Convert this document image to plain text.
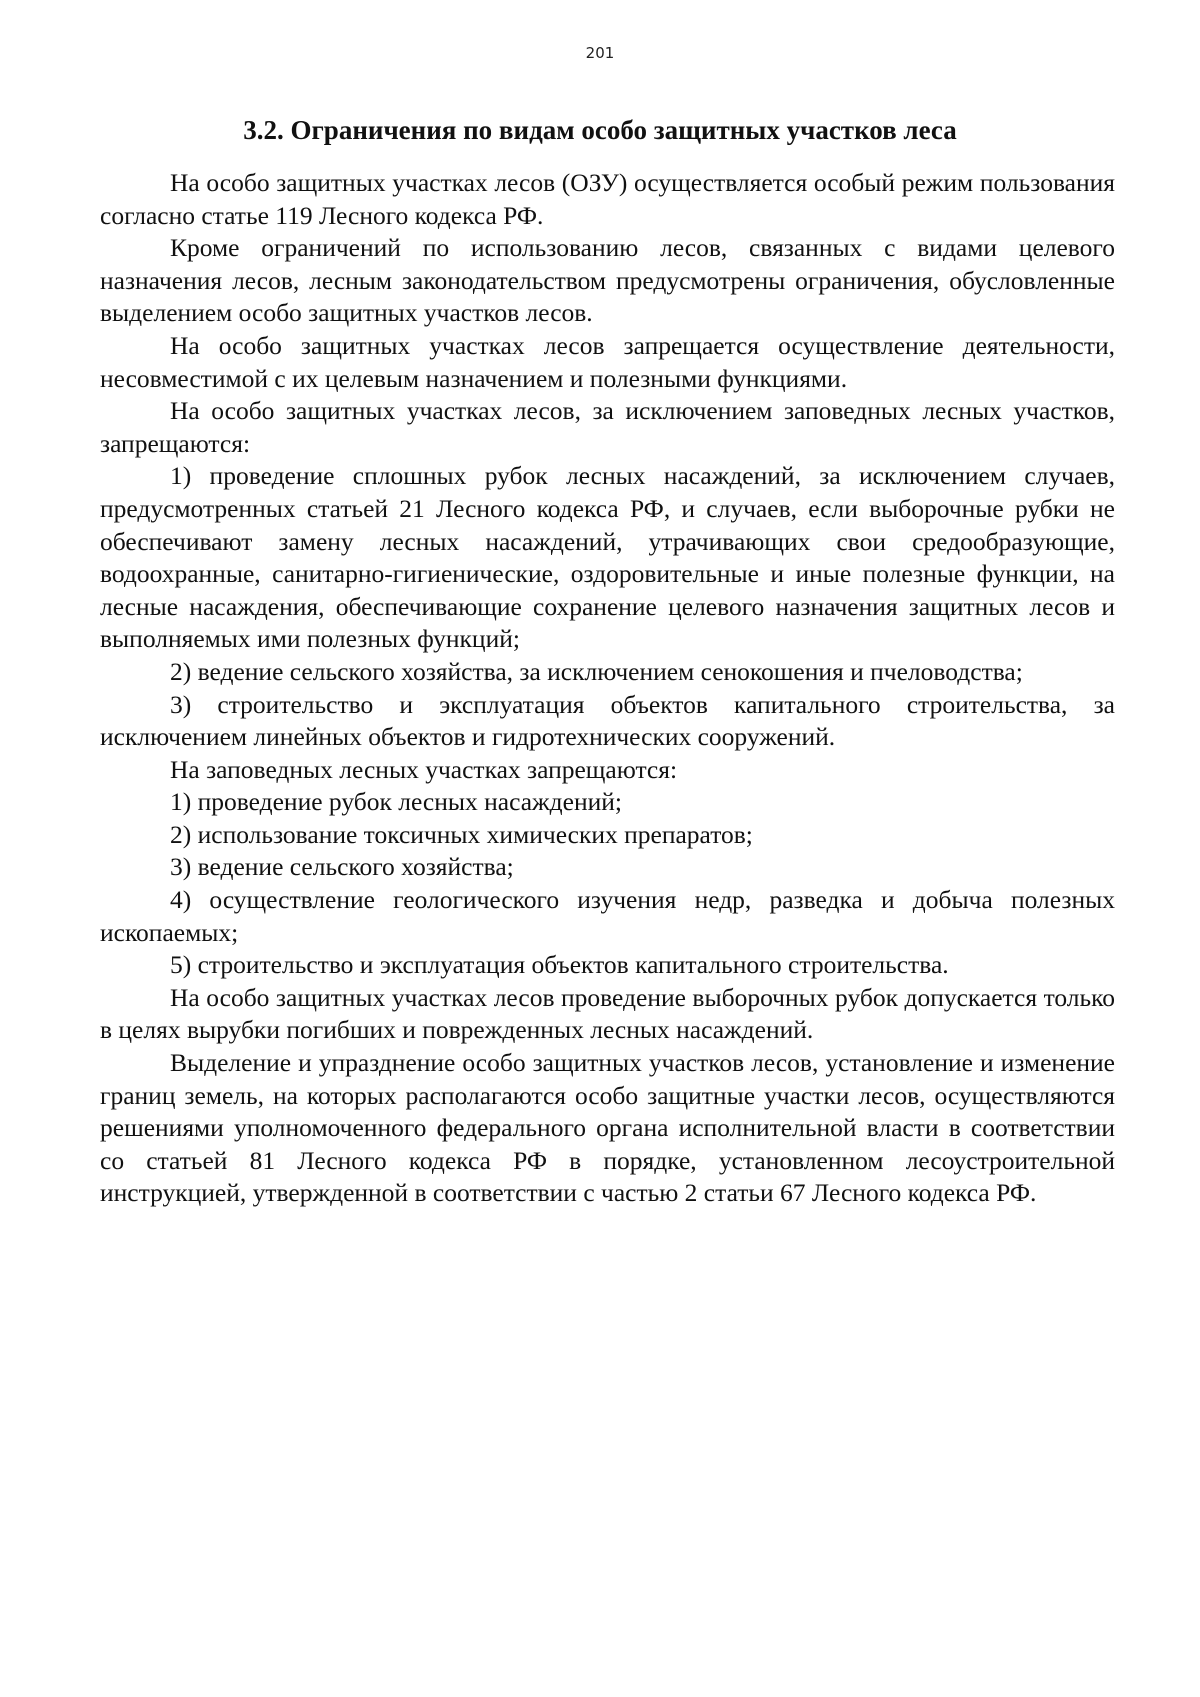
201
3.2. Ограничения по видам особо защитных участков леса

На особо защитных участках лесов (ОЗУ) осуществляется особый режим пользования согласно статье 119 Лесного кодекса РФ.

Кроме ограничений по использованию лесов, связанных с видами целевого назначения лесов, лесным законодательством предусмотрены ограничения, обусловленные выделением особо защитных участков лесов.

На особо защитных участках лесов запрещается осуществление деятельности, несовместимой с их целевым назначением и полезными функциями.

На особо защитных участках лесов, за исключением заповедных лесных участков, запрещаются:

1) проведение сплошных рубок лесных насаждений, за исключением случаев, предусмотренных статьей 21 Лесного кодекса РФ, и случаев, если выборочные рубки не обеспечивают замену лесных насаждений, утрачивающих свои средообразующие, водоохранные, санитарно-гигиенические, оздоровительные и иные полезные функции, на лесные насаждения, обеспечивающие сохранение целевого назначения защитных лесов и выполняемых ими полезных функций;

2) ведение сельского хозяйства, за исключением сенокошения и пчеловодства;

3) строительство и эксплуатация объектов капитального строительства, за исключением линейных объектов и гидротехнических сооружений.

На заповедных лесных участках запрещаются:

1) проведение рубок лесных насаждений;

2) использование токсичных химических препаратов;

3) ведение сельского хозяйства;

4) осуществление геологического изучения недр, разведка и добыча полезных ископаемых;

5) строительство и эксплуатация объектов капитального строительства.

На особо защитных участках лесов проведение выборочных рубок допускается только в целях вырубки погибших и поврежденных лесных насаждений.

Выделение и упразднение особо защитных участков лесов, установление и изменение границ земель, на которых располагаются особо защитные участки лесов, осуществляются решениями уполномоченного федерального органа исполнительной власти в соответствии со статьей 81 Лесного кодекса РФ в порядке, установленном лесоустроительной инструкцией, утвержденной в соответствии с частью 2 статьи 67 Лесного кодекса РФ.
